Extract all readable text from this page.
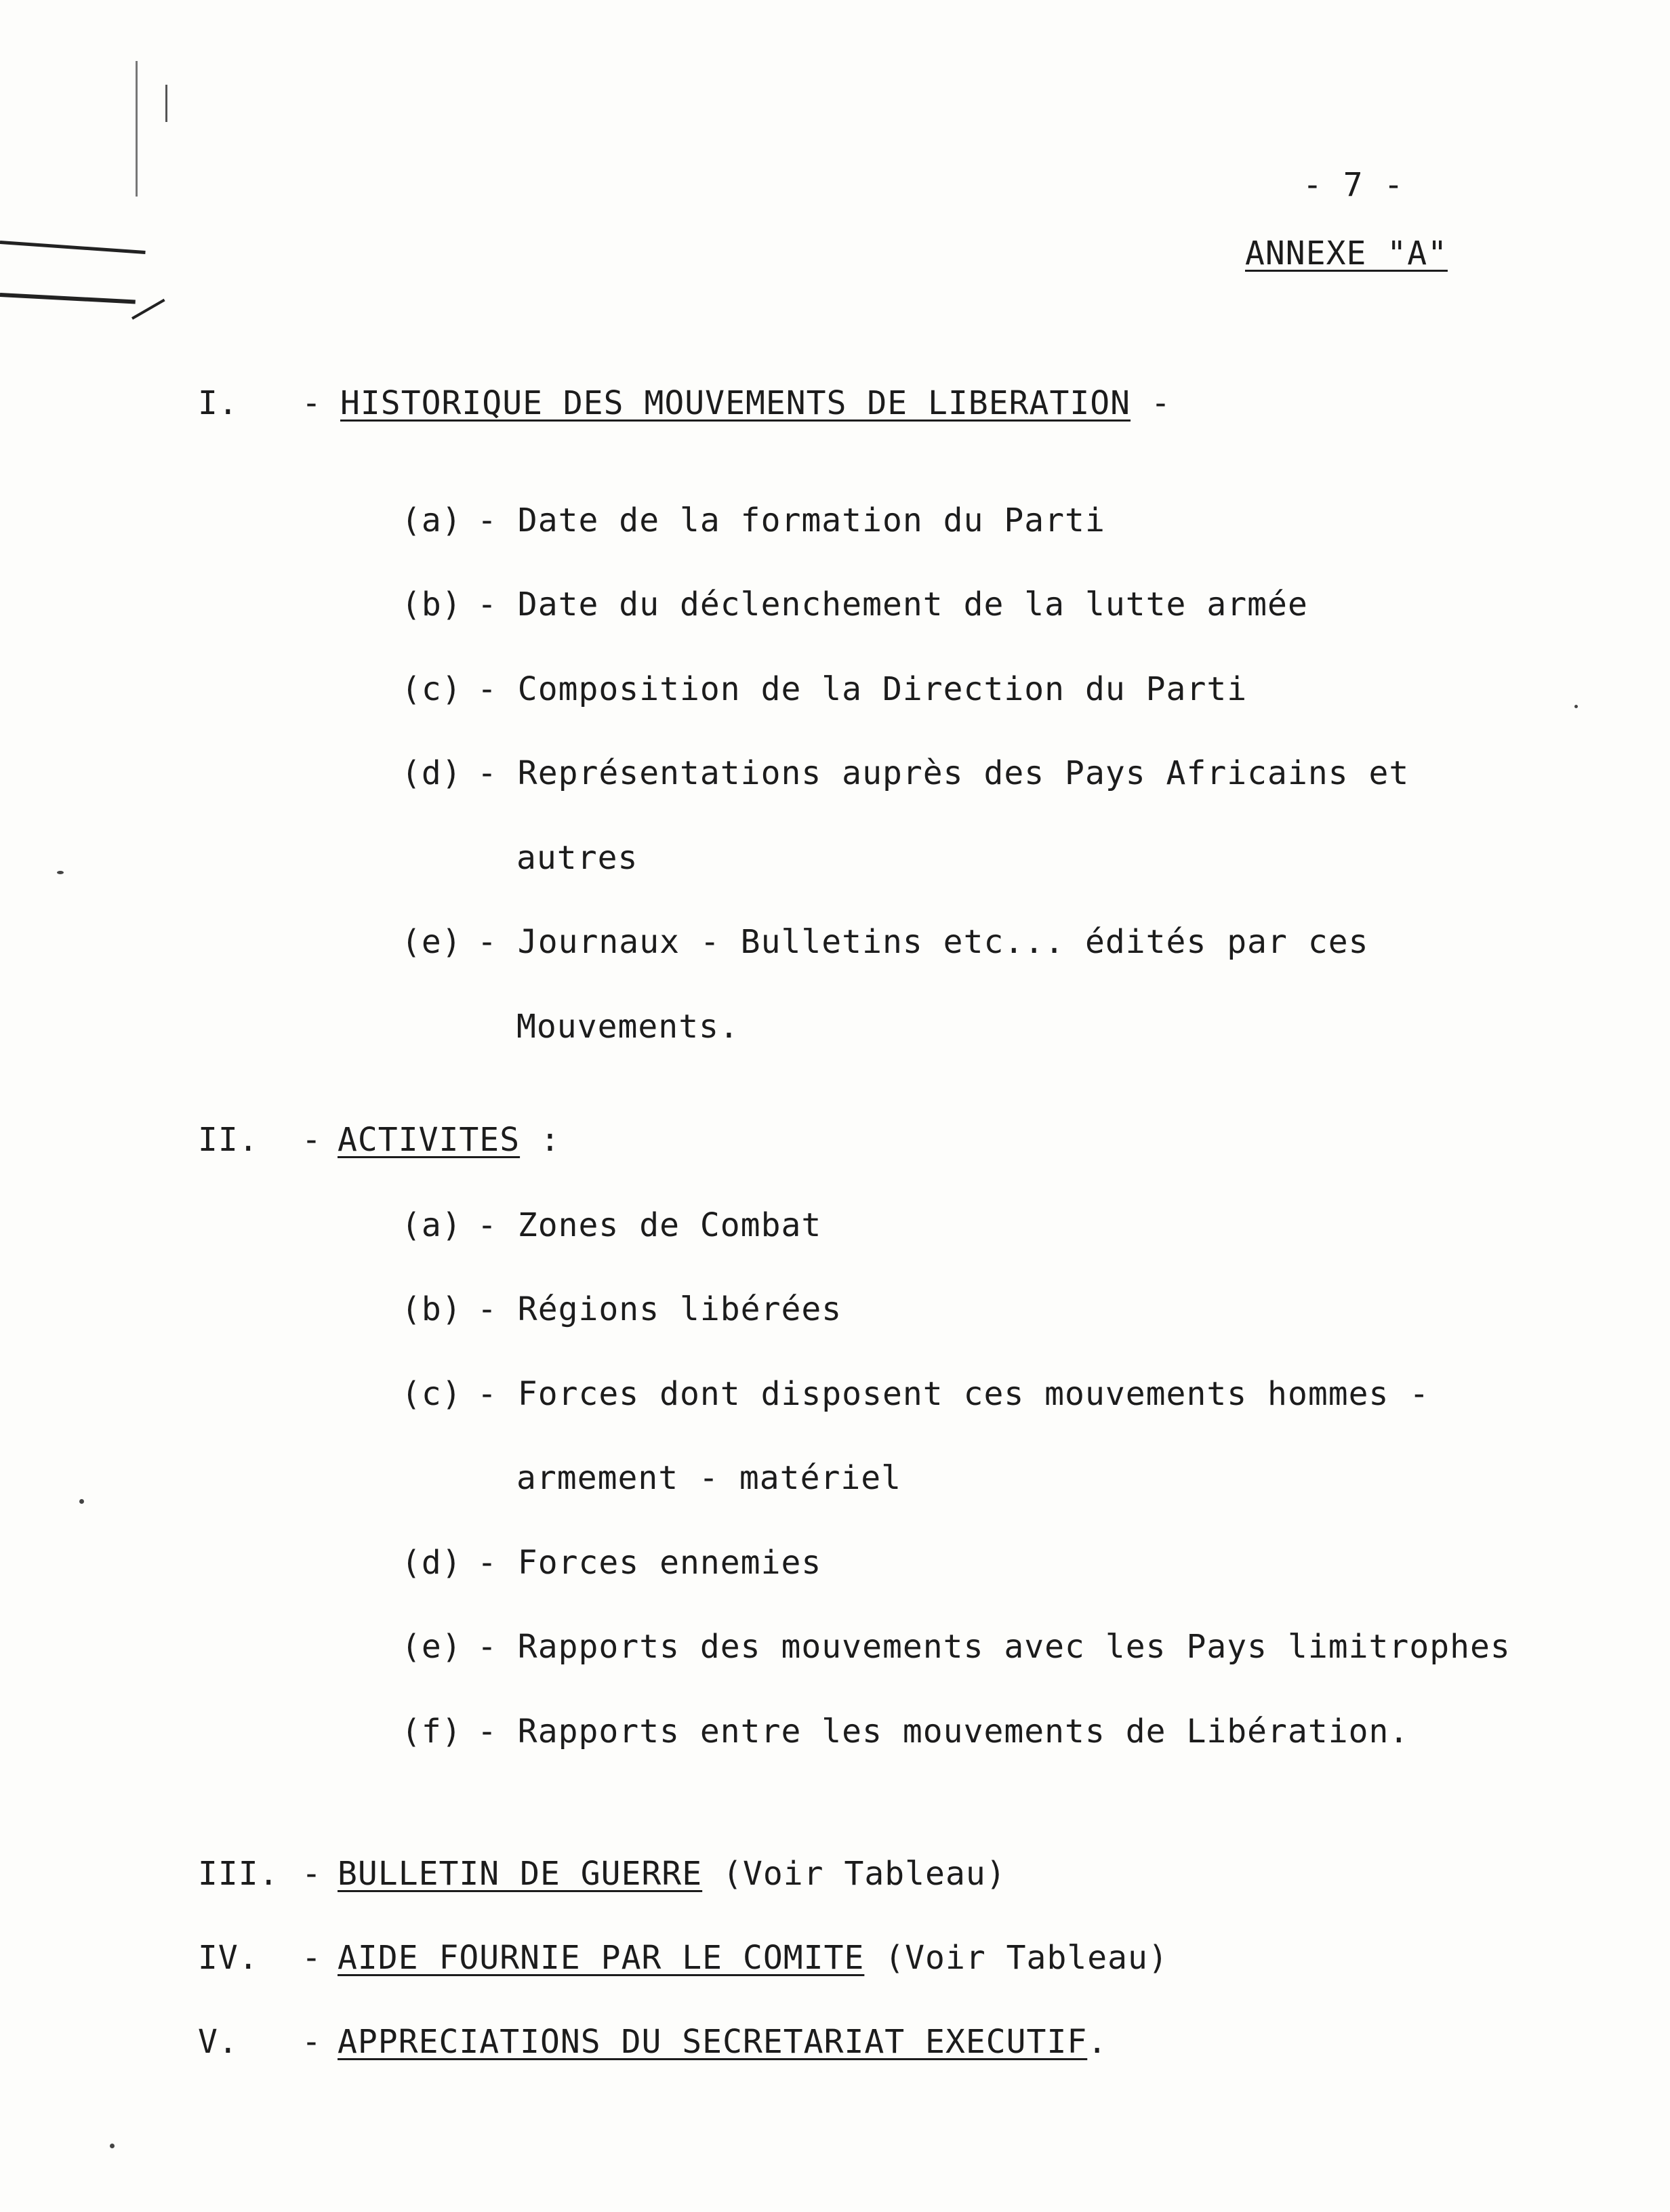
- 7 -
ANNEXE "A"
I. - HISTORIQUE DES MOUVEMENTS DE LIBERATION -
(a) - Date de la formation du Parti
(b) - Date du déclenchement de la lutte armée
(c) - Composition de la Direction du Parti
(d) - Représentations auprès des Pays Africains et
autres
(e) - Journaux - Bulletins etc... édités par ces
Mouvements.
II. - ACTIVITES :
(a) - Zones de Combat
(b) - Régions libérées
(c) - Forces dont disposent ces mouvements hommes -
armement - matériel
(d) - Forces ennemies
(e) - Rapports des mouvements avec les Pays limitrophes
(f) - Rapports entre les mouvements de Libération.
III. - BULLETIN DE GUERRE (Voir Tableau)
IV. - AIDE FOURNIE PAR LE COMITE (Voir Tableau)
V. - APPRECIATIONS DU SECRETARIAT EXECUTIF.
